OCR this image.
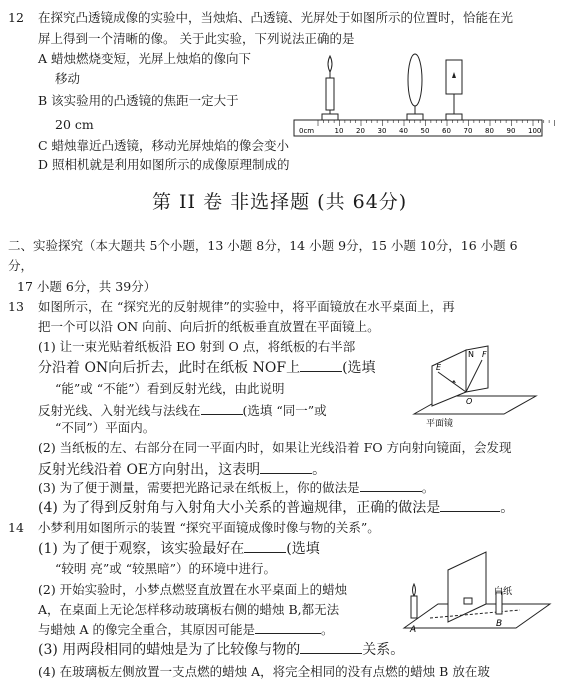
12 在探究凸透镜成像的实验中，当烛焰、凸透镜、光屏处于如图所示的位置时，恰能在光
屏上得到一个清晰的像。 关于此实验，下列说法正确的是
A 蜡烛燃烧变短，光屏上烛焰的像向下
移动
B 该实验用的凸透镜的焦距一定大于
20 cm
C 蜡烛靠近凸透镜，移动光屏烛焰的像会变小
D 照相机就是利用如图所示的成像原理制成的
10 20 30 40 50 60 70 80 90 100
0cm
第 II 卷 非选择题 (共 64分)
二、实验探究（本大题共 5个小题，13 小题 8分，14 小题 9分，15 小题 10分，16 小题 6
分，
17 小题 6分，共 39分）
13 如图所示，在 “探究光的反射规律”的实验中，将平面镜放在水平桌面上，再
把一个可以沿 ON 向前、向后折的纸板垂直放置在平面镜上。
(1) 让一束光贴着纸板沿 EO 射到 O 点，将纸板的右半部
分沿着 ON向后折去，此时在纸板 NOF上	(选填
“能”或 “不能”）看到反射光线，由此说明
反射光线、入射光线与法线在	(选填 “同一”或
“不同”）平面内。
(2) 当纸板的左、右部分在同一平面内时，如果让光线沿着 FO 方向射向镜面，会发现
反射光线沿着 OE方向射出，这表明	。
(3) 为了便于测量，需要把光路记录在纸板上，你的做法是	。
(4) 为了得到反射角与入射角大小关系的普遍规律，正确的做法是	。
E
N F
O
平面镜
14 小梦利用如图所示的装置 “探究平面镜成像时像与物的关系”。
(1) 为了便于观察，该实验最好在	(选填
“较明 亮”或 “较黑暗”）的环境中进行。
(2) 开始实验时，小梦点燃竖直放置在水平桌面上的蜡烛
A，在桌面上无论怎样移动玻璃板右侧的蜡烛 B,都无法
与蜡烛 A 的像完全重合，其原因可能是	。
(3) 用两段相同的蜡烛是为了比较像与物的	关系。
(4) 在玻璃板左侧放置一支点燃的蜡烛 A，将完全相同的没有点燃的蜡烛 B 放在玻
白纸
A
B
